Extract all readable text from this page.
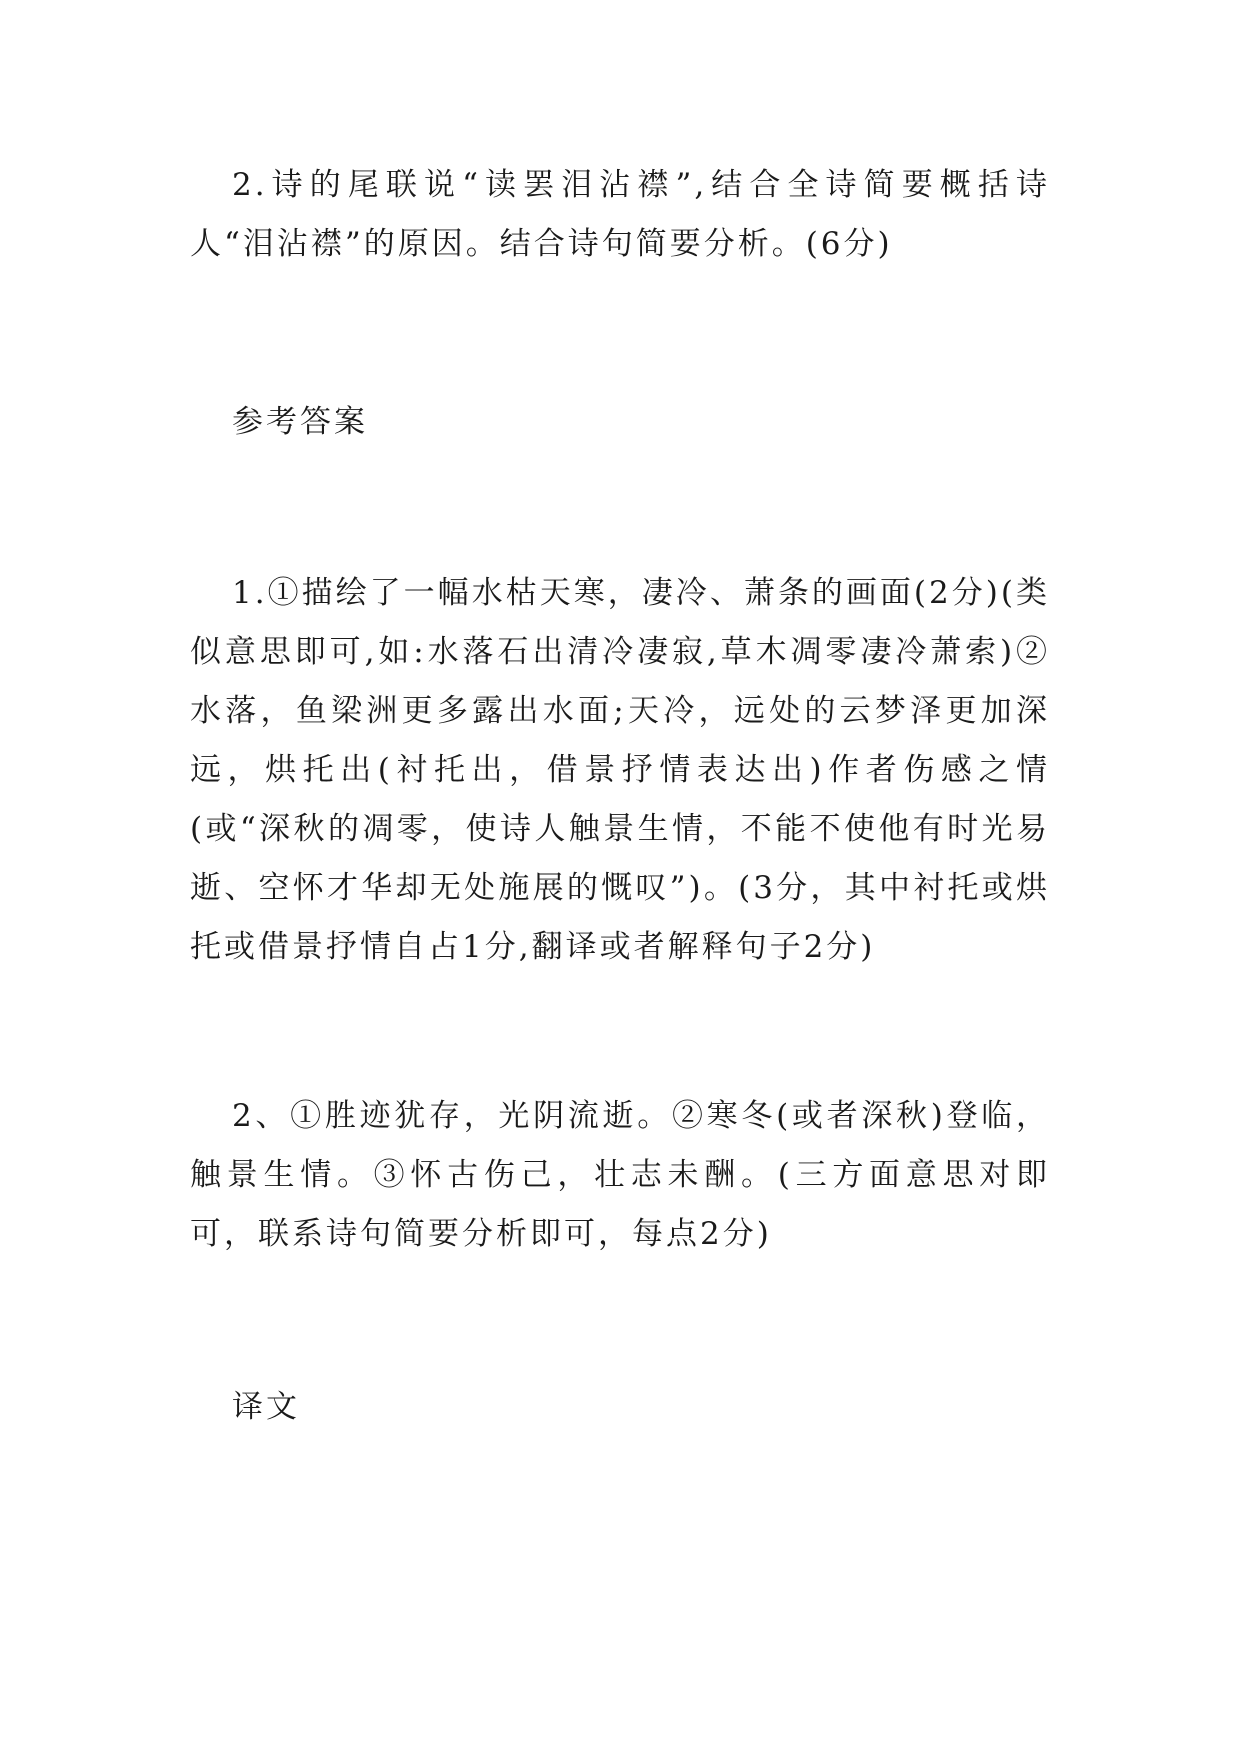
2.诗的尾联说“读罢泪沾襟”,结合全诗简要概括诗人“泪沾襟”的原因。结合诗句简要分析。(6分)

参考答案

1.①描绘了一幅水枯天寒，凄冷、萧条的画面(2分)(类似意思即可,如:水落石出清冷凄寂,草木凋零凄冷萧索)②水落，鱼梁洲更多露出水面;天冷，远处的云梦泽更加深远，烘托出(衬托出，借景抒情表达出)作者伤感之情(或“深秋的凋零，使诗人触景生情，不能不使他有时光易逝、空怀才华却无处施展的慨叹”)。(3分，其中衬托或烘托或借景抒情自占1分,翻译或者解释句子2分)

2、①胜迹犹存，光阴流逝。②寒冬(或者深秋)登临，触景生情。③怀古伤己，壮志未酬。(三方面意思对即可，联系诗句简要分析即可，每点2分)

译文
